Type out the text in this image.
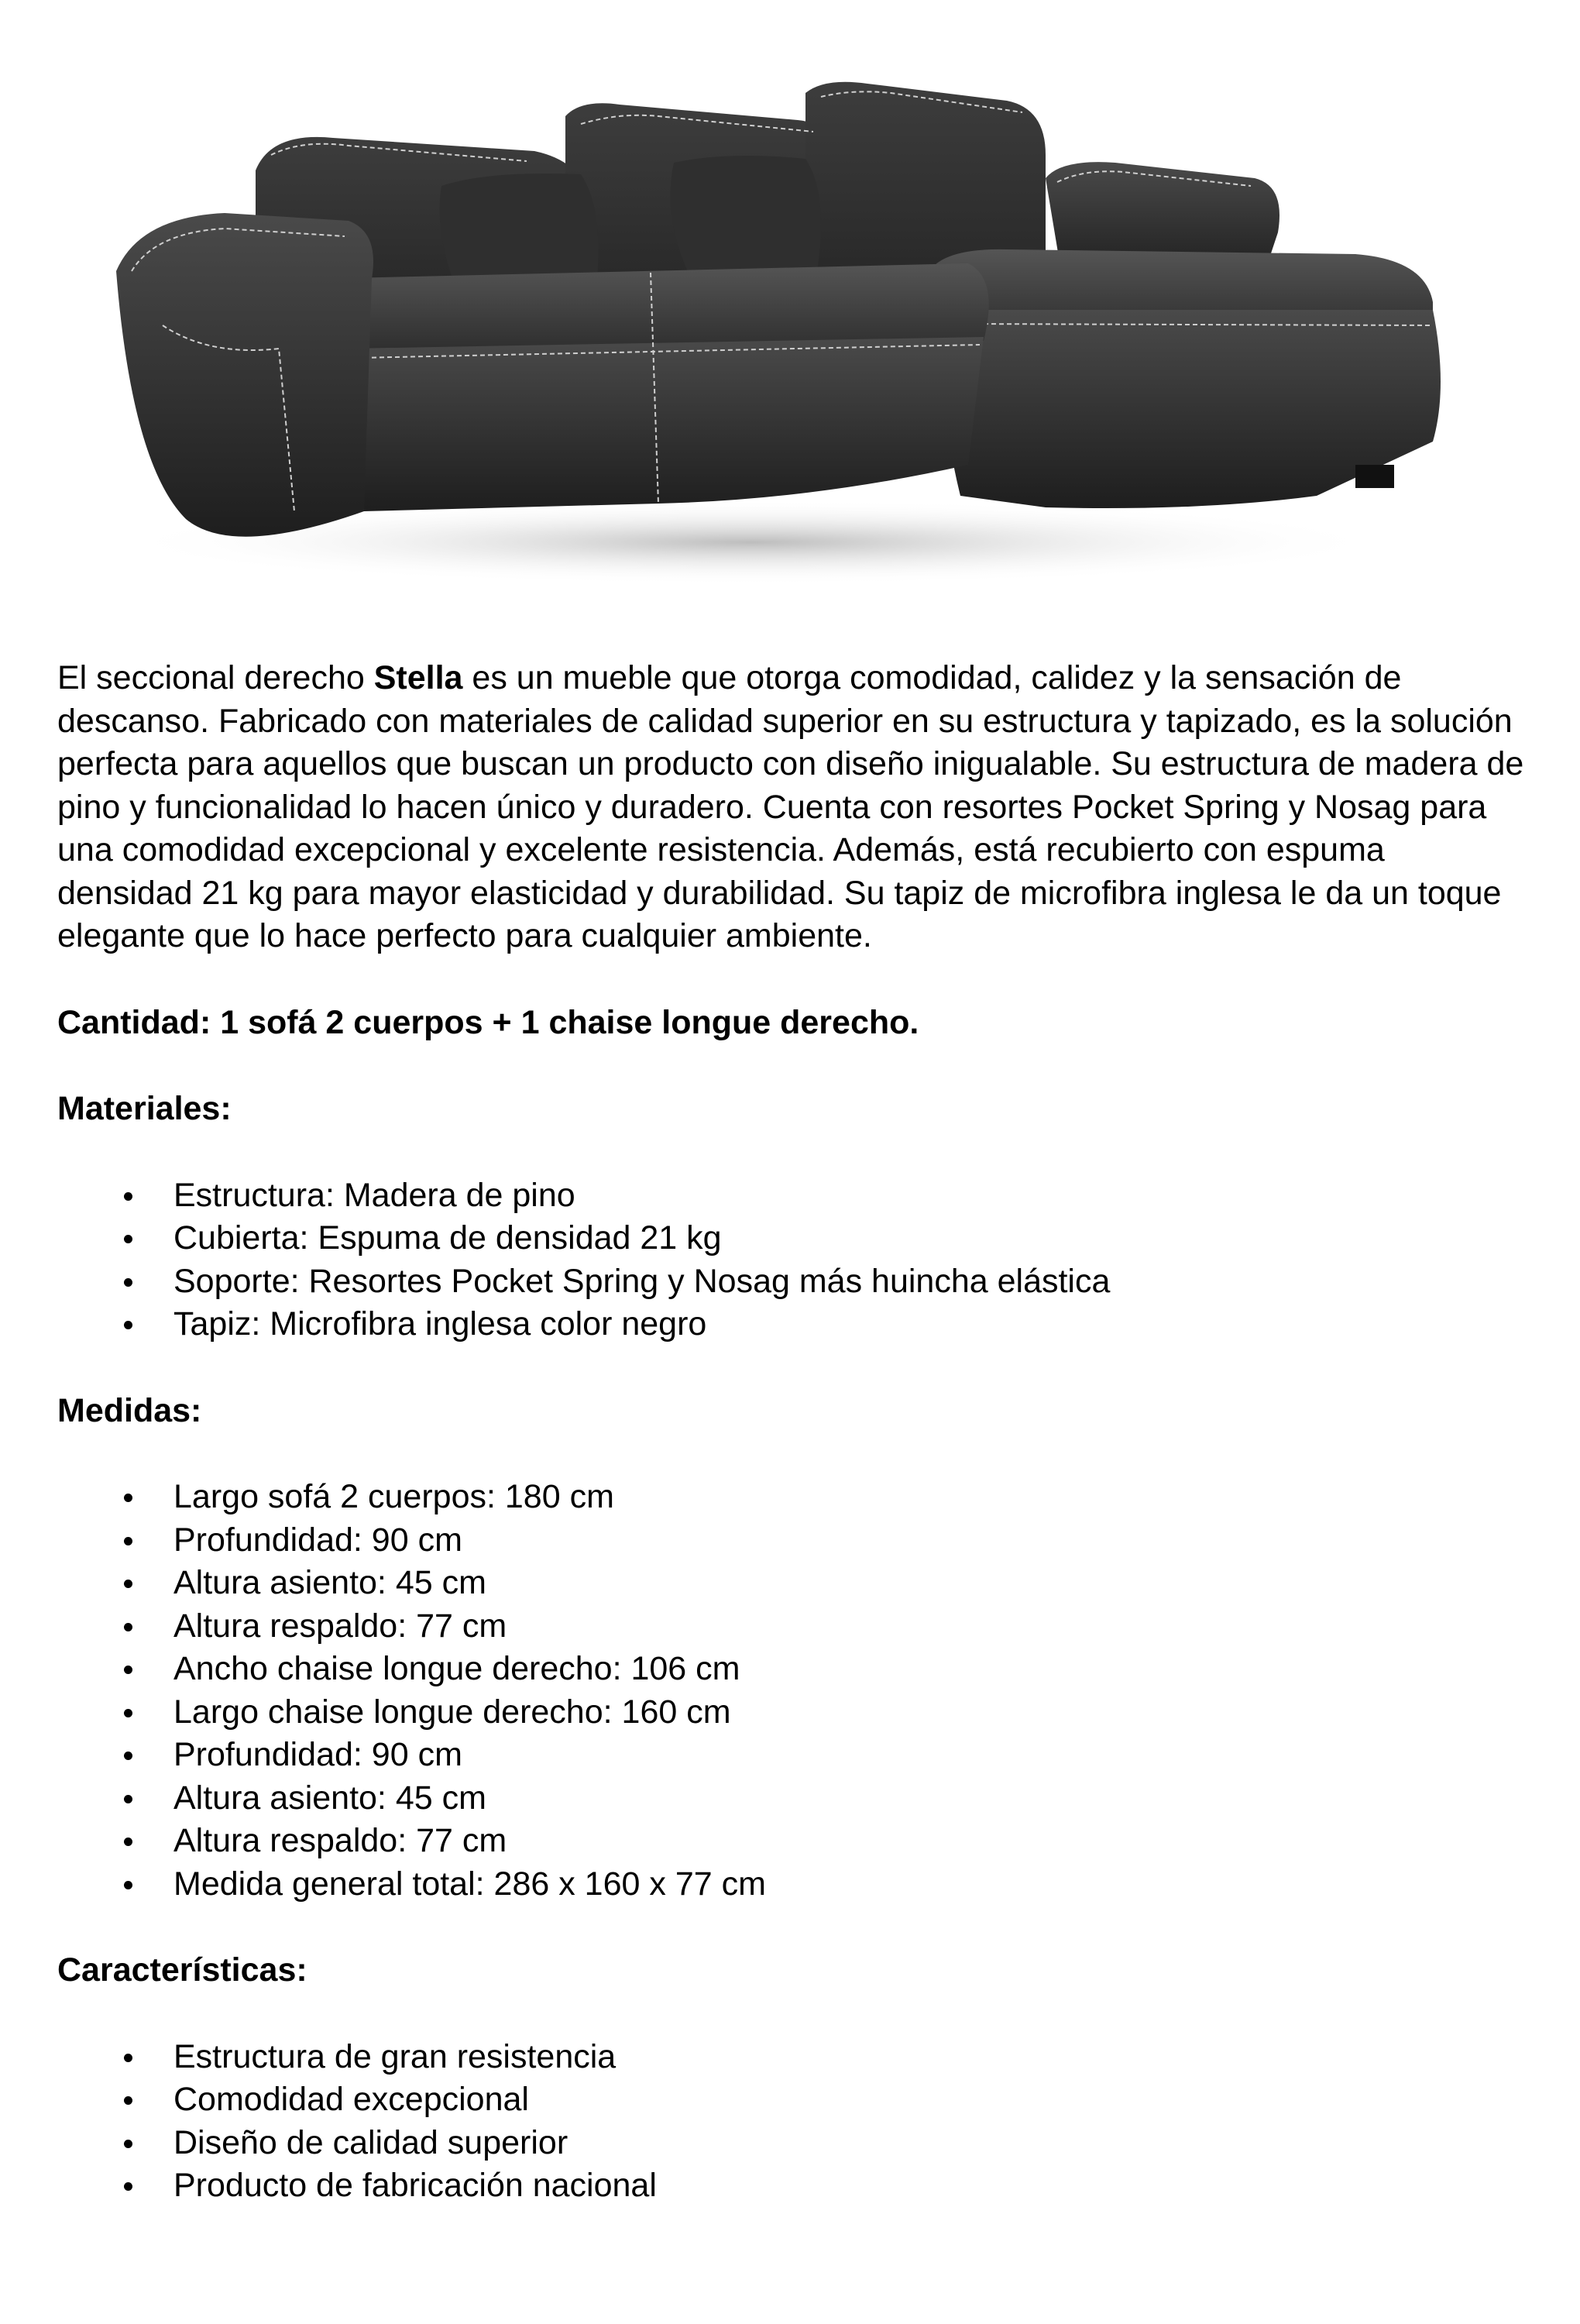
El seccional derecho Stella es un mueble que otorga comodidad, calidez y la sensación de descanso. Fabricado con materiales de calidad superior en su estructura y tapizado, es la solución perfecta para aquellos que buscan un producto con diseño inigualable. Su estructura de madera de pino y funcionalidad lo hacen único y duradero. Cuenta con resortes Pocket Spring y Nosag para una comodidad excepcional y excelente resistencia. Además, está recubierto con espuma densidad 21 kg para mayor elasticidad y durabilidad. Su tapiz de microfibra inglesa le da un toque elegante que lo hace perfecto para cualquier ambiente.

Cantidad: 1 sofá 2 cuerpos + 1 chaise longue derecho.

Materiales:

Estructura: Madera de pino
Cubierta: Espuma de densidad 21 kg
Soporte: Resortes Pocket Spring y Nosag más huincha elástica
Tapiz: Microfibra inglesa color negro

Medidas:

Largo sofá 2 cuerpos: 180 cm
Profundidad: 90 cm
Altura asiento: 45 cm
Altura respaldo: 77 cm
Ancho chaise longue derecho: 106 cm
Largo chaise longue derecho: 160 cm
Profundidad: 90 cm
Altura asiento: 45 cm
Altura respaldo: 77 cm
Medida general total: 286 x 160 x 77 cm

Características:

Estructura de gran resistencia
Comodidad excepcional
Diseño de calidad superior
Producto de fabricación nacional
